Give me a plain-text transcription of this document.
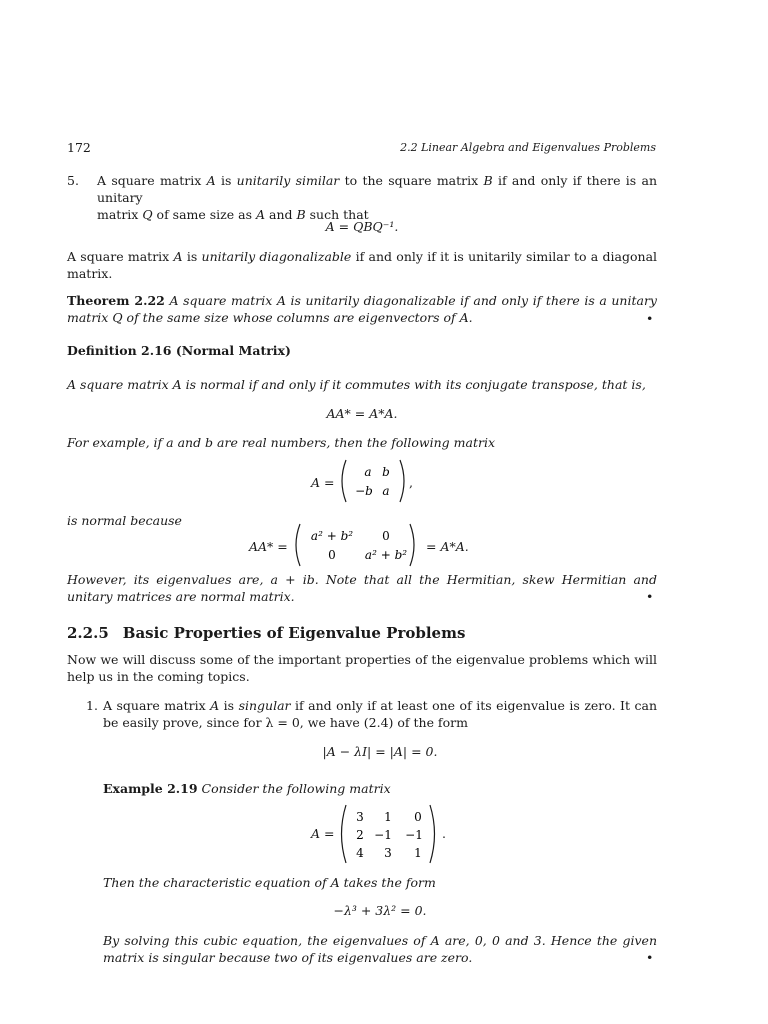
172	2.2 Linear Algebra and Eigenvalues Problems
5. A square matrix A is unitarily similar to the square matrix B if and only if there is an unitary
matrix Q of same size as A and B such that
A = QBQ⁻¹.
A square matrix A is unitarily diagonalizable if and only if it is unitarily similar to a diagonal matrix.
Theorem 2.22 A square matrix A is unitarily diagonalizable if and only if there is a unitary matrix Q of the same size whose columns are eigenvectors of A.	•
Definition 2.16 (Normal Matrix)
A square matrix A is normal if and only if it commutes with its conjugate transpose, that is,
AA* = A*A.
For example, if a and b are real numbers, then the following matrix
A =
a b
−b a
,
is normal because
AA* =
a² + b² 0
0 a² + b²
= A*A.
However, its eigenvalues are, a + ib. Note that all the Hermitian, skew Hermitian and unitary matrices are normal matrix.	•
2.2.5 Basic Properties of Eigenvalue Problems
Now we will discuss some of the important properties of the eigenvalue problems which will help us in the coming topics.
1. A square matrix A is singular if and only if at least one of its eigenvalue is zero. It can be easily prove, since for λ = 0, we have (2.4) of the form
|A − λI| = |A| = 0.
Example 2.19 Consider the following matrix
A =
3 1 0
2 −1 −1
4 3 1
.
Then the characteristic equation of A takes the form
−λ³ + 3λ² = 0.
By solving this cubic equation, the eigenvalues of A are, 0, 0 and 3. Hence the given matrix is singular because two of its eigenvalues are zero.	•
